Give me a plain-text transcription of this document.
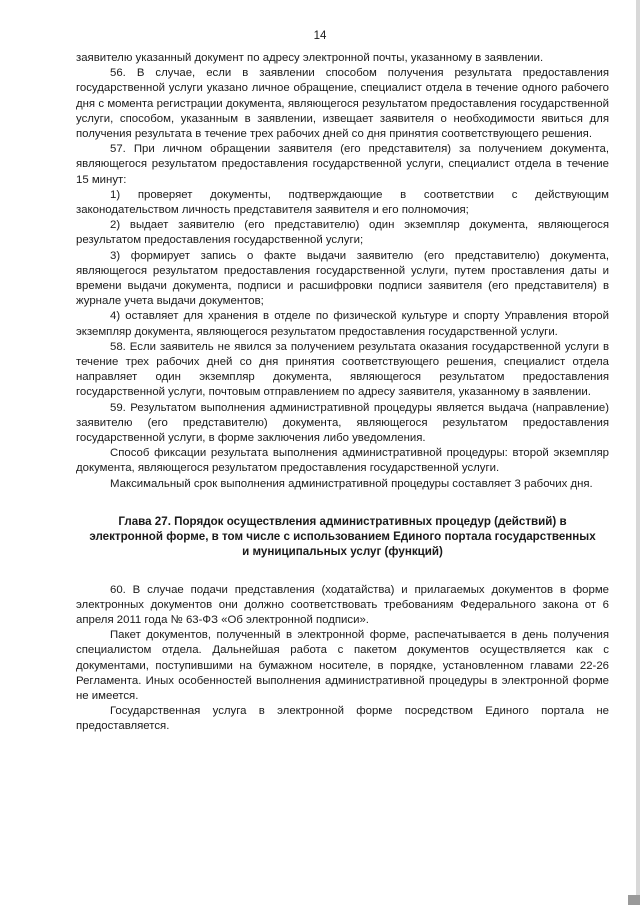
14

заявителю указанный документ по адресу электронной почты, указанному в заявлении.

56. В случае, если в заявлении способом получения результата предоставления государственной услуги указано личное обращение, специалист отдела в течение одного рабочего дня с момента регистрации документа, являющегося результатом предоставления государственной услуги, способом, указанным в заявлении, извещает заявителя о необходимости явиться для получения результата в течение трех рабочих дней со дня принятия соответствующего решения.

57. При личном обращении заявителя (его представителя) за получением документа, являющегося результатом предоставления государственной услуги, специалист отдела в течение 15 минут:

1) проверяет документы, подтверждающие в соответствии с действующим законодательством личность представителя заявителя и его полномочия;

2) выдает заявителю (его представителю) один экземпляр документа, являющегося результатом предоставления государственной услуги;

3) формирует запись о факте выдачи заявителю (его представителю) документа, являющегося результатом предоставления государственной услуги, путем проставления даты и времени выдачи документа, подписи и расшифровки подписи заявителя (его представителя) в журнале учета выдачи документов;

4) оставляет для хранения в отделе по физической культуре и спорту Управления второй экземпляр документа, являющегося результатом предоставления государственной услуги.

58. Если заявитель не явился за получением результата оказания государственной услуги в течение трех рабочих дней со дня принятия соответствующего решения, специалист отдела направляет один экземпляр документа, являющегося результатом предоставления государственной услуги, почтовым отправлением по адресу заявителя, указанному в заявлении.

59. Результатом выполнения административной процедуры является выдача (направление) заявителю (его представителю) документа, являющегося результатом предоставления государственной услуги, в форме заключения либо уведомления.

Способ фиксации результата выполнения административной процедуры: второй экземпляр документа, являющегося результатом предоставления государственной услуги.

Максимальный срок выполнения административной процедуры составляет 3 рабочих дня.

Глава 27. Порядок осуществления административных процедур (действий) в электронной форме, в том числе с использованием Единого портала государственных и муниципальных услуг (функций)

60. В случае подачи представления (ходатайства) и прилагаемых документов в форме электронных документов они должно соответствовать требованиям Федерального закона от 6 апреля 2011 года № 63-ФЗ «Об электронной подписи».

Пакет документов, полученный в электронной форме, распечатывается в день получения специалистом отдела. Дальнейшая работа с пакетом документов осуществляется как с документами, поступившими на бумажном носителе, в порядке, установленном главами 22-26 Регламента. Иных особенностей выполнения административной процедуры в электронной форме не имеется.

Государственная услуга в электронной форме посредством Единого портала не предоставляется.
